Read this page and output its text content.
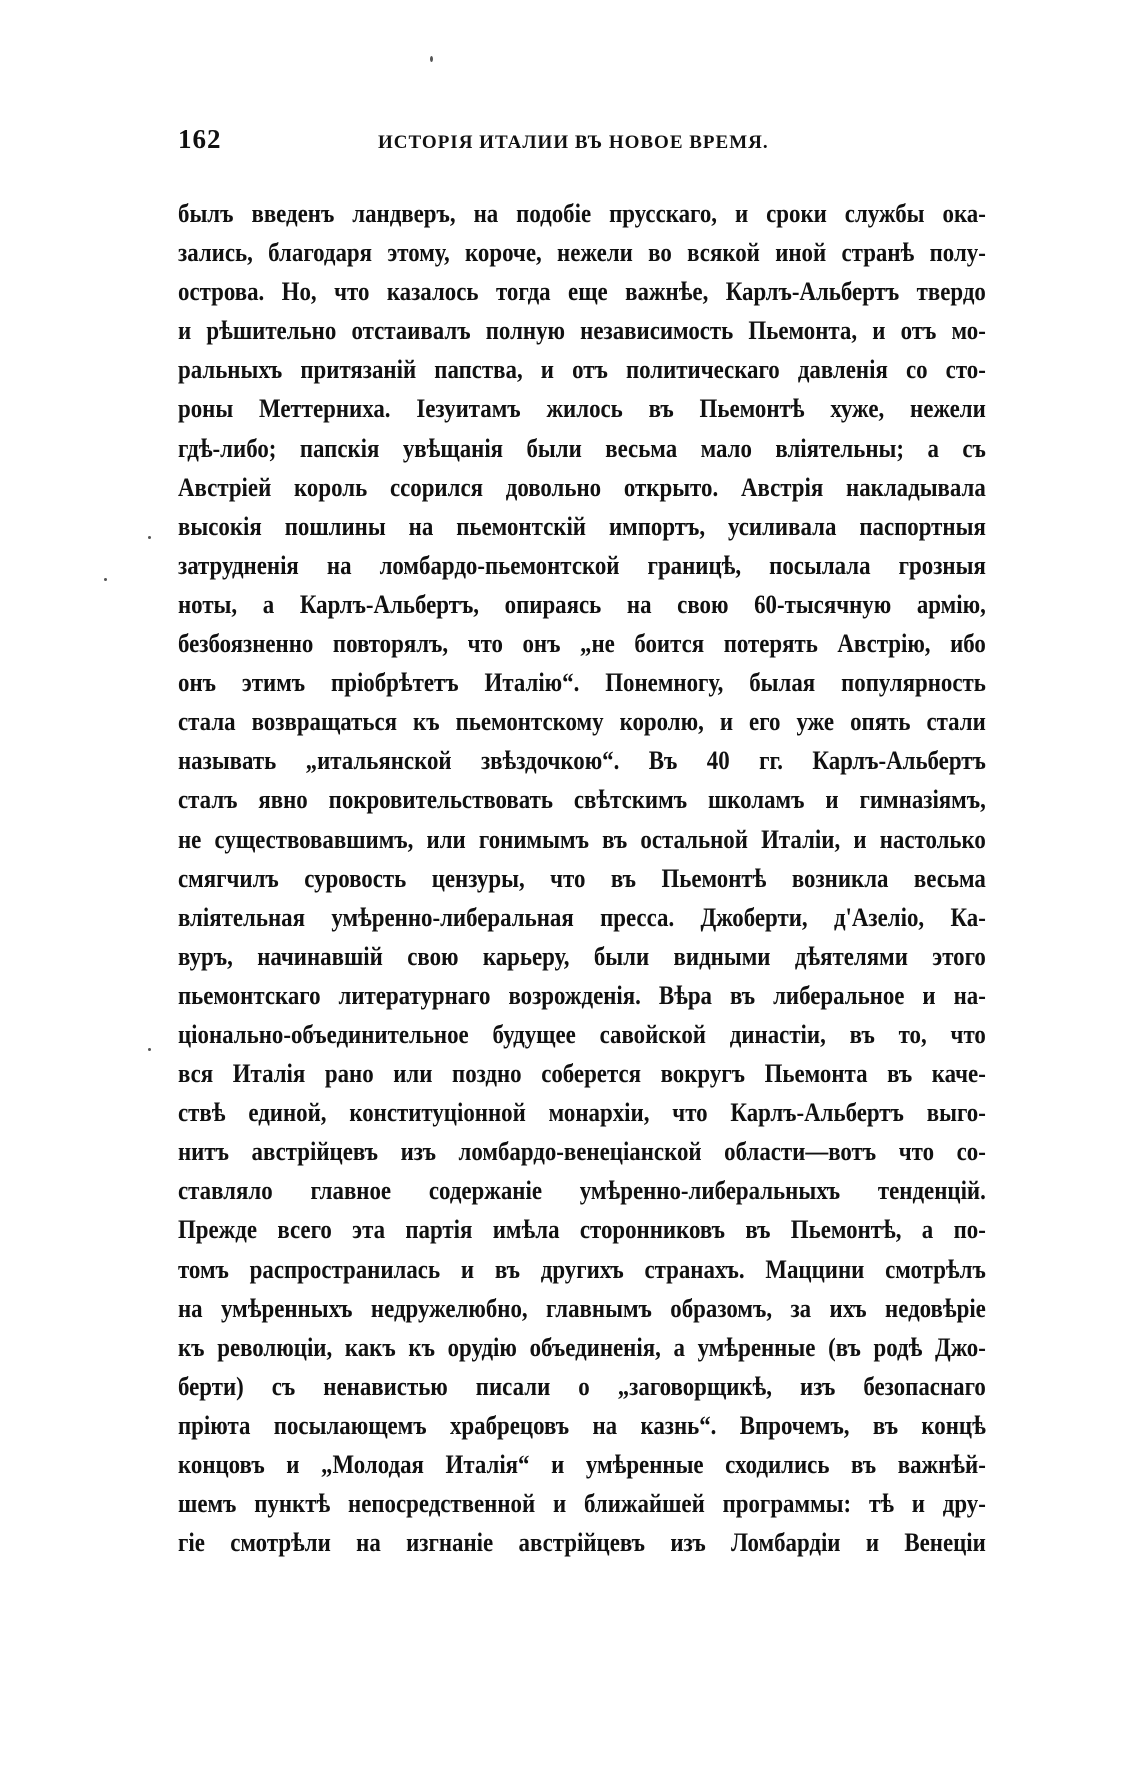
162	ИСТОРІЯ ИТАЛИИ ВЪ НОВОЕ ВРЕМЯ.
былъ введенъ ландверъ, на подобіе прусскаго, и сроки службы ока-
зались, благодаря этому, короче, нежели во всякой иной странѣ полу-
острова. Но, что казалось тогда еще важнѣе, Карлъ-Альбертъ твердо
и рѣшительно отстаивалъ полную независимость Пьемонта, и отъ мо-
ральныхъ притязаній папства, и отъ политическаго давленія со сто-
роны Меттерниха. Іезуитамъ жилось въ Пьемонтѣ хуже, нежели
гдѣ-либо; папскія увѣщанія были весьма мало вліятельны; а съ
Австріей король ссорился довольно открыто. Австрія накладывала
высокія пошлины на пьемонтскій импортъ, усиливала паспортныя
затрудненія на ломбардо-пьемонтской границѣ, посылала грозныя
ноты, а Карлъ-Альбертъ, опираясь на свою 60-тысячную армію,
безбоязненно повторялъ, что онъ „не боится потерять Австрію, ибо
онъ этимъ пріобрѣтетъ Италію“. Понемногу, былая популярность
стала возвращаться къ пьемонтскому королю, и его уже опять стали
называть „итальянской звѣздочкою“. Въ 40 гг. Карлъ-Альбертъ
сталъ явно покровительствовать свѣтскимъ школамъ и гимназіямъ,
не существовавшимъ, или гонимымъ въ остальной Италіи, и настолько
смягчилъ суровость цензуры, что въ Пьемонтѣ возникла весьма
вліятельная умѣренно-либеральная пресса. Джоберти, д'Азеліо, Ка-
вуръ, начинавшій свою карьеру, были видными дѣятелями этого
пьемонтскаго литературнаго возрожденія. Вѣра въ либеральное и на-
ціонально-объединительное будущее савойской династіи, въ то, что
вся Италія рано или поздно соберется вокругъ Пьемонта въ каче-
ствѣ единой, конституціонной монархіи, что Карлъ-Альбертъ выго-
нитъ австрійцевъ изъ ломбардо-венеціанской области—вотъ что со-
ставляло главное содержаніе умѣренно-либеральныхъ тенденцій.
Прежде всего эта партія имѣла сторонниковъ въ Пьемонтѣ, а по-
томъ распространилась и въ другихъ странахъ. Маццини смотрѣлъ
на умѣренныхъ недружелюбно, главнымъ образомъ, за ихъ недовѣріе
къ революціи, какъ къ орудію объединенія, а умѣренные (въ родѣ Джо-
берти) съ ненавистью писали о „заговорщикѣ, изъ безопаснаго
пріюта посылающемъ храбрецовъ на казнь“. Впрочемъ, въ концѣ
концовъ и „Молодая Италія“ и умѣренные сходились въ важнѣй-
шемъ пунктѣ непосредственной и ближайшей программы: тѣ и дру-
гіе смотрѣли на изгнаніе австрійцевъ изъ Ломбардіи и Венеціи
